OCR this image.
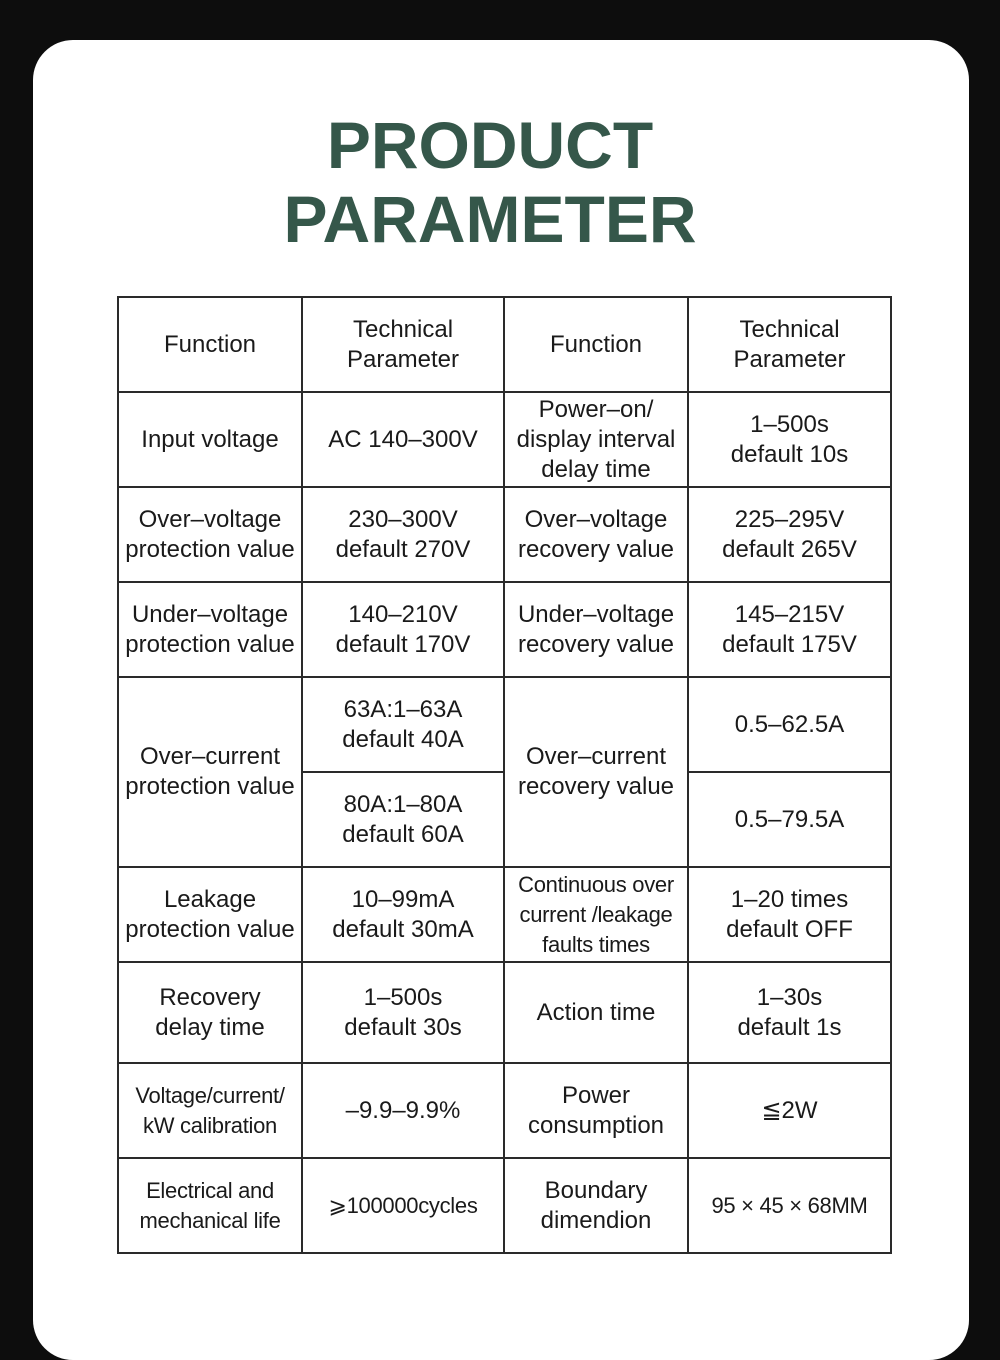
PRODUCT
PARAMETER
Function	Technical
Parameter	Function	Technical
Parameter
Input voltage	AC 140–300V	Power–on/
display interval
delay time	1–500s
default 10s
Over–voltage
protection value	230–300V
default 270V	Over–voltage
recovery value	225–295V
default 265V
Under–voltage
protection value	140–210V
default 170V	Under–voltage
recovery value	145–215V
default 175V
Over–current
protection value	63A:1–63A
default 40A	Over–current
recovery value	0.5–62.5A
	80A:1–80A
default 60A		0.5–79.5A
Leakage
protection value	10–99mA
default 30mA	Continuous over
current /leakage
faults times	1–20 times
default OFF
Recovery
delay time	1–500s
default 30s	Action time	1–30s
default 1s
Voltage/current/
kW calibration	–9.9–9.9%	Power
consumption	≦2W
Electrical and
mechanical life	⩾100000cycles	Boundary
dimendion	95 × 45 × 68MM
